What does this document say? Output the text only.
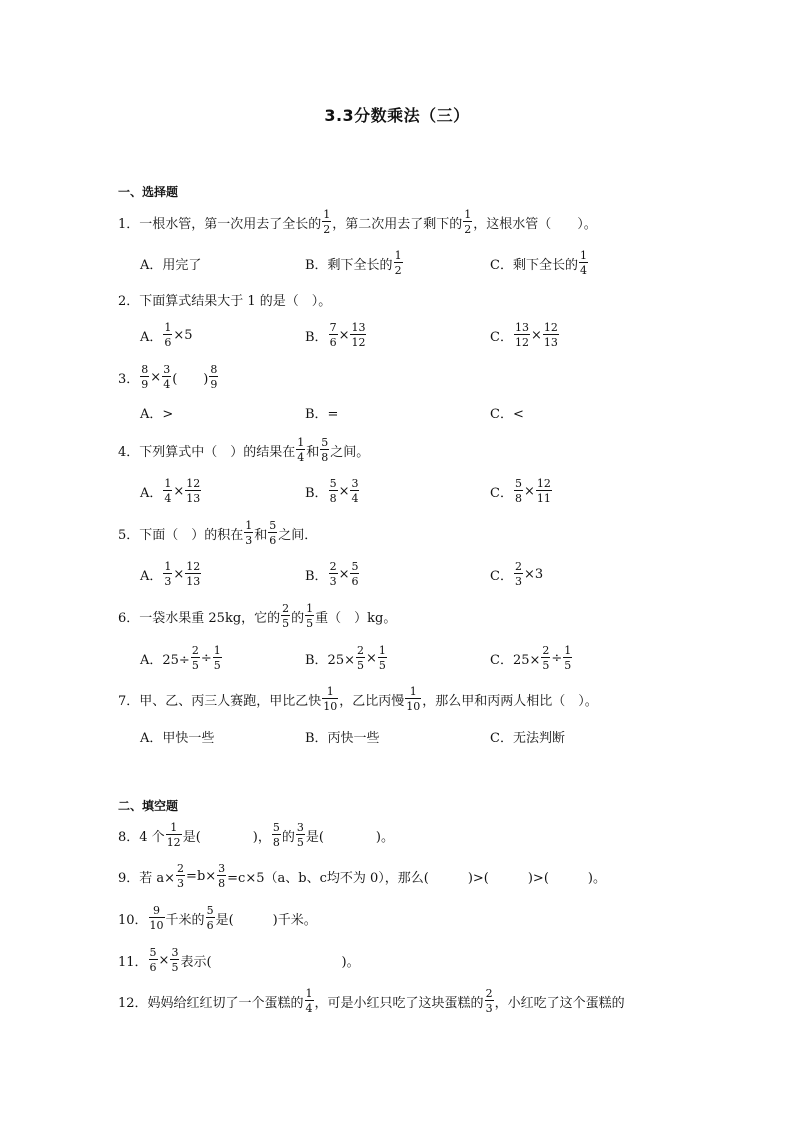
3.3分数乘法（三）
一、选择题
1．一根水管，第一次用去了全长的 $\frac{1}{2}$ ，第二次用去了剩下的 $\frac{1}{2}$ ，这根水管（　　）。
A．用完了	B．剩下全长的 $\frac{1}{2}$	C．剩下全长的 $\frac{1}{4}$
2．下面算式结果大于 1 的是（　）。
A． $\frac{1}{6} \times 5$	B． $\frac{7}{6} \times \frac{13}{12}$	C． $\frac{13}{12} \times \frac{12}{13}$
3． $\frac{8}{9} \times \frac{3}{4}$ (　　) $\frac{8}{9}$
A．>	B．=	C．<
4．下列算式中（　）的结果在 $\frac{1}{4}$ 和 $\frac{5}{8}$ 之间。
A． $\frac{1}{4} \times \frac{12}{13}$	B． $\frac{5}{8} \times \frac{3}{4}$	C． $\frac{5}{8} \times \frac{12}{11}$
5．下面（　）的积在 $\frac{1}{3}$ 和 $\frac{5}{6}$ 之间．
A． $\frac{1}{3} \times \frac{12}{13}$	B． $\frac{2}{3} \times \frac{5}{6}$	C． $\frac{2}{3} \times 3$
6．一袋水果重 25kg，它的 $\frac{2}{5}$ 的 $\frac{1}{5}$ 重（　）kg。
A．$25\div \frac{2}{5} \div \frac{1}{5}$	B．$25\times \frac{2}{5} \times \frac{1}{5}$	C．$25\times \frac{2}{5} \div \frac{1}{5}$
7．甲、乙、丙三人赛跑，甲比乙快 $\frac{1}{10}$ ，乙比丙慢 $\frac{1}{10}$ ，那么甲和丙两人相比（　）。
A．甲快一些	B．丙快一些	C．无法判断
二、填空题
8．4 个 $\frac{1}{12}$ 是(　　　　)， $\frac{5}{8}$ 的 $\frac{3}{5}$ 是(　　　　)。
9．若 $a\times \frac{2}{3} =b\times \frac{3}{8} =c\times 5(a$、b、c均不为 0），那么(　　　)>(　　　)>(　　　)。
10． $\frac{9}{10}$ 千米的 $\frac{5}{6}$ 是(　　　)千米。
11． $\frac{5}{6} \times \frac{3}{5}$ 表示(　　　　　　　　　　)。
12．妈妈给红红切了一个蛋糕的 $\frac{1}{4}$ ，可是小红只吃了这块蛋糕的 $\frac{2}{3}$ ，小红吃了这个蛋糕的
